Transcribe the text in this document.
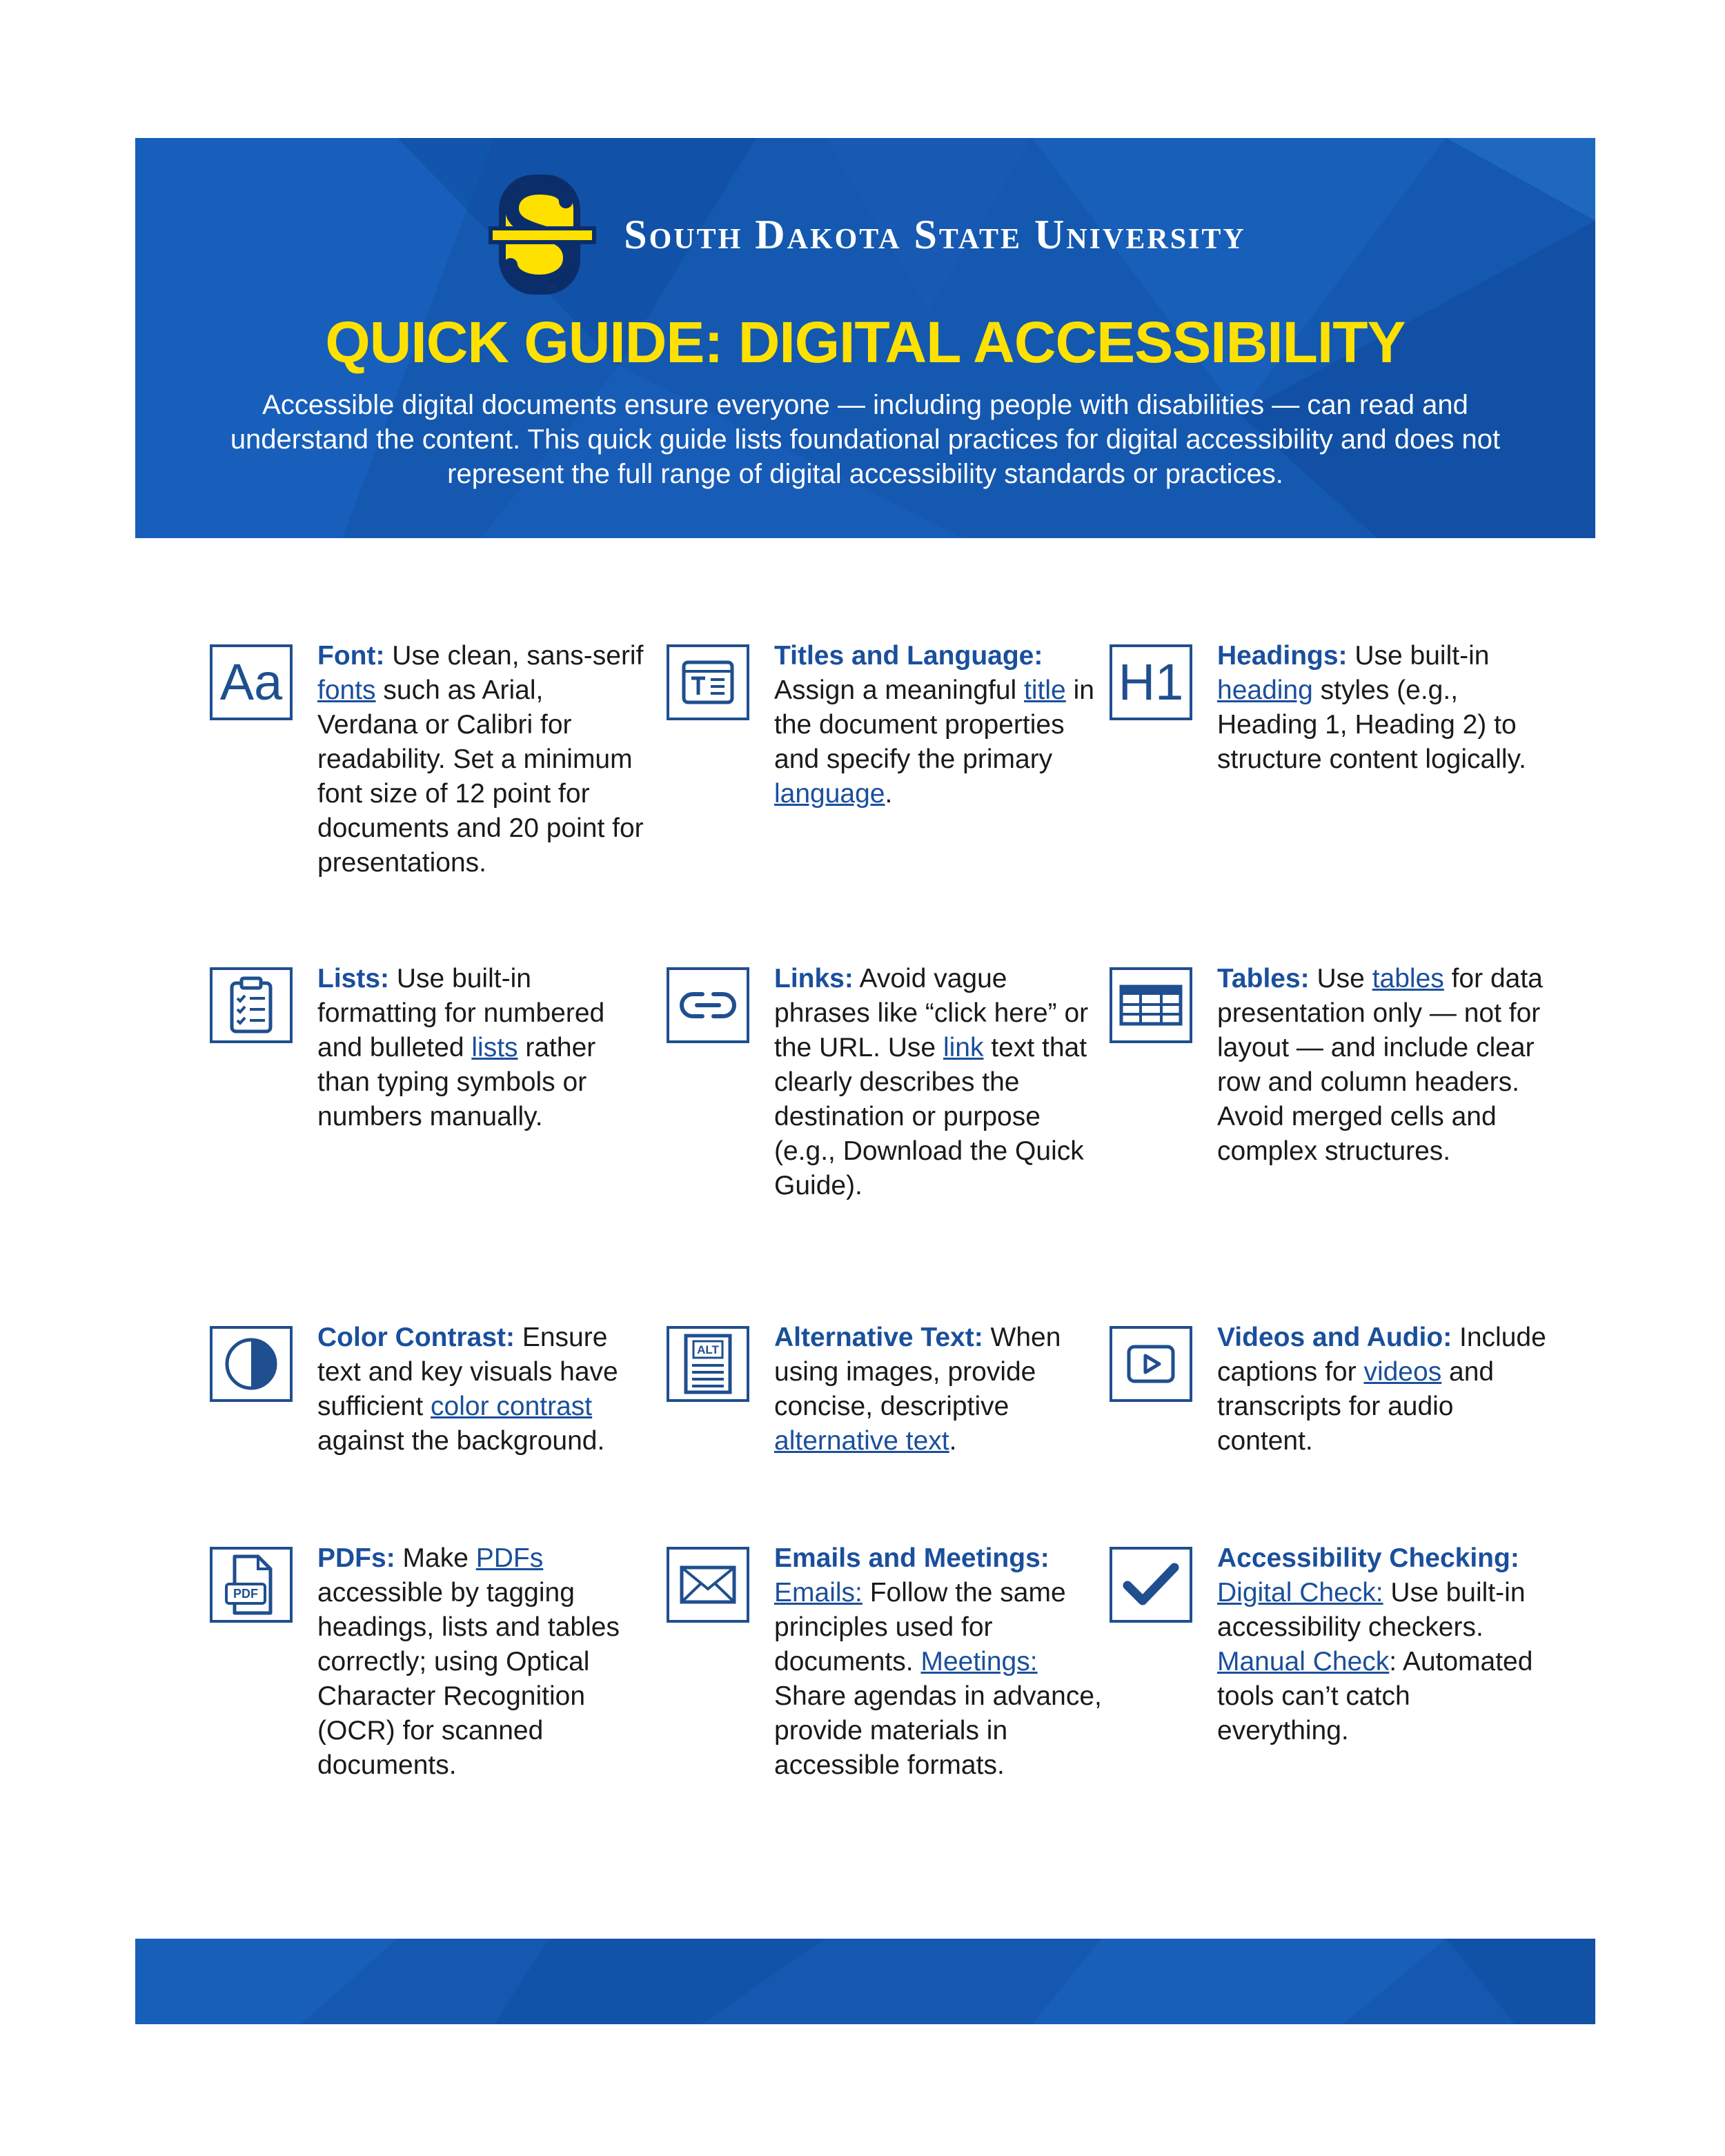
South Dakota State University
QUICK GUIDE: DIGITAL ACCESSIBILITY
Accessible digital documents ensure everyone — including people with disabilities — can read and understand the content. This quick guide lists foundational practices for digital accessibility and does not represent the full range of digital accessibility standards or practices.
Aa Font: Use clean, sans-serif fonts such as Arial, Verdana or Calibri for readability. Set a minimum font size of 12 point for documents and 20 point for presentations.
Titles and Language: Assign a meaningful title in the document properties and specify the primary language.
H1 Headings: Use built-in heading styles (e.g., Heading 1, Heading 2) to structure content logically.
Lists: Use built-in formatting for numbered and bulleted lists rather than typing symbols or numbers manually.
Links: Avoid vague phrases like “click here” or the URL. Use link text that clearly describes the destination or purpose (e.g., Download the Quick Guide).
Tables: Use tables for data presentation only — not for layout — and include clear row and column headers. Avoid merged cells and complex structures.
Color Contrast: Ensure text and key visuals have sufficient color contrast against the background.
ALT Alternative Text: When using images, provide concise, descriptive alternative text.
Videos and Audio: Include captions for videos and transcripts for audio content.
PDF
PDFs: Make PDFs accessible by tagging headings, lists and tables correctly; using Optical Character Recognition (OCR) for scanned documents.
Emails and Meetings:
Emails: Follow the same principles used for documents. Meetings: Share agendas in advance, provide materials in accessible formats.
Accessibility Checking:
Digital Check: Use built-in accessibility checkers. Manual Check: Automated tools can’t catch everything.
